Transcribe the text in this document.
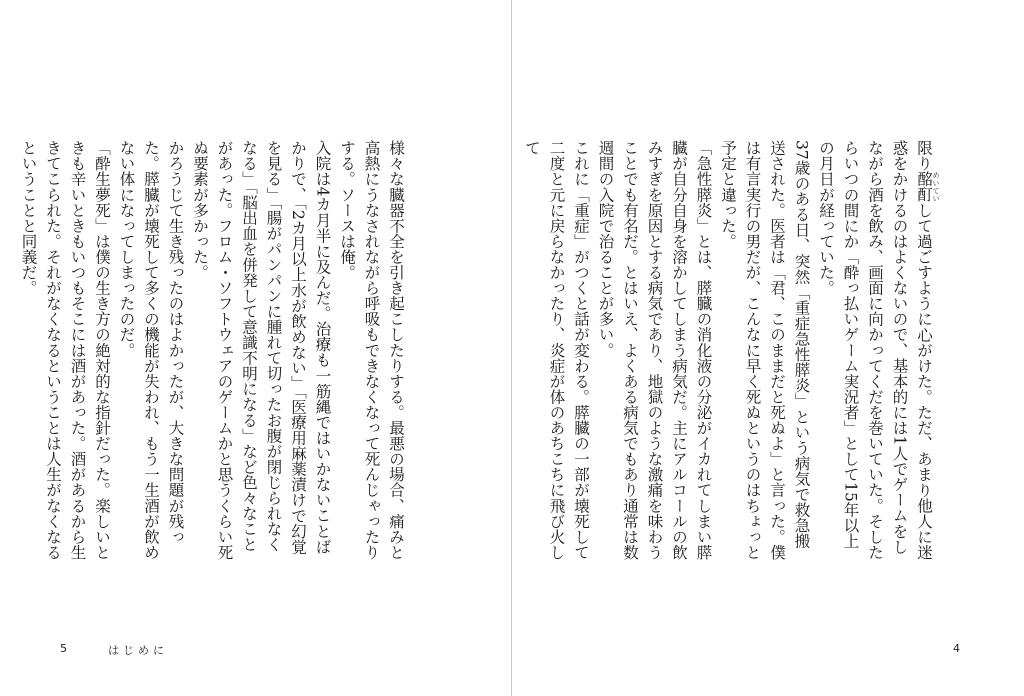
様々な臓器不全を引き起こしたりする。最悪の場合、痛みと高熱にうなされながら呼吸もできなくなって死んじゃったりする。ソースは俺。

入院は4カ月半に及んだ。治療も一筋縄ではいかないことばかりで、「2カ月以上水が飲めない」「医療用麻薬漬けで幻覚を見る」「腸がパンパンに腫れて切ったお腹が閉じられなくなる」「脳出血を併発して意識不明になる」など色々なことがあった。フロム・ソフトウェアのゲームかと思うくらい死ぬ要素が多かった。

かろうじて生き残ったのはよかったが、大きな問題が残った。膵臓が壊死して多くの機能が失われ、もう一生酒が飲めない体になってしまったのだ。

「酔生夢死」は僕の生き方の絶対的な指針だった。楽しいときも辛いときもいつもそこには酒があった。酒があるから生きてこられた。それがなくなるということは人生がなくなるということと同義だ。

5	はじめに

限り酩酊 めいていして過ごすように心がけた。ただ、あまり他人に迷惑をかけるのはよくないので、基本的には1人でゲームをしながら酒を飲み、画面に向かってくだを巻いていた。そしたらいつの間にか「酔っ払いゲーム実況者」として15年以上の月日が経っていた。

37歳のある日、突然「重症急性膵炎」という病気で救急搬送された。医者は「君、このままだと死ぬよ」と言った。僕は有言実行の男だが、こんなに早く死ぬというのはちょっと予定と違った。

「急性膵炎」とは、膵臓の消化液の分泌がイカれてしまい膵臓が自分自身を溶かしてしまう病気だ。主にアルコールの飲みすぎを原因とする病気であり、地獄のような激痛を味わうことでも有名だ。とはいえ、よくある病気でもあり通常は数週間の入院で治ることが多い。

これに「重症」がつくと話が変わる。膵臓の一部が壊死して二度と元に戻らなかったり、炎症が体のあちこちに飛び火して

4
